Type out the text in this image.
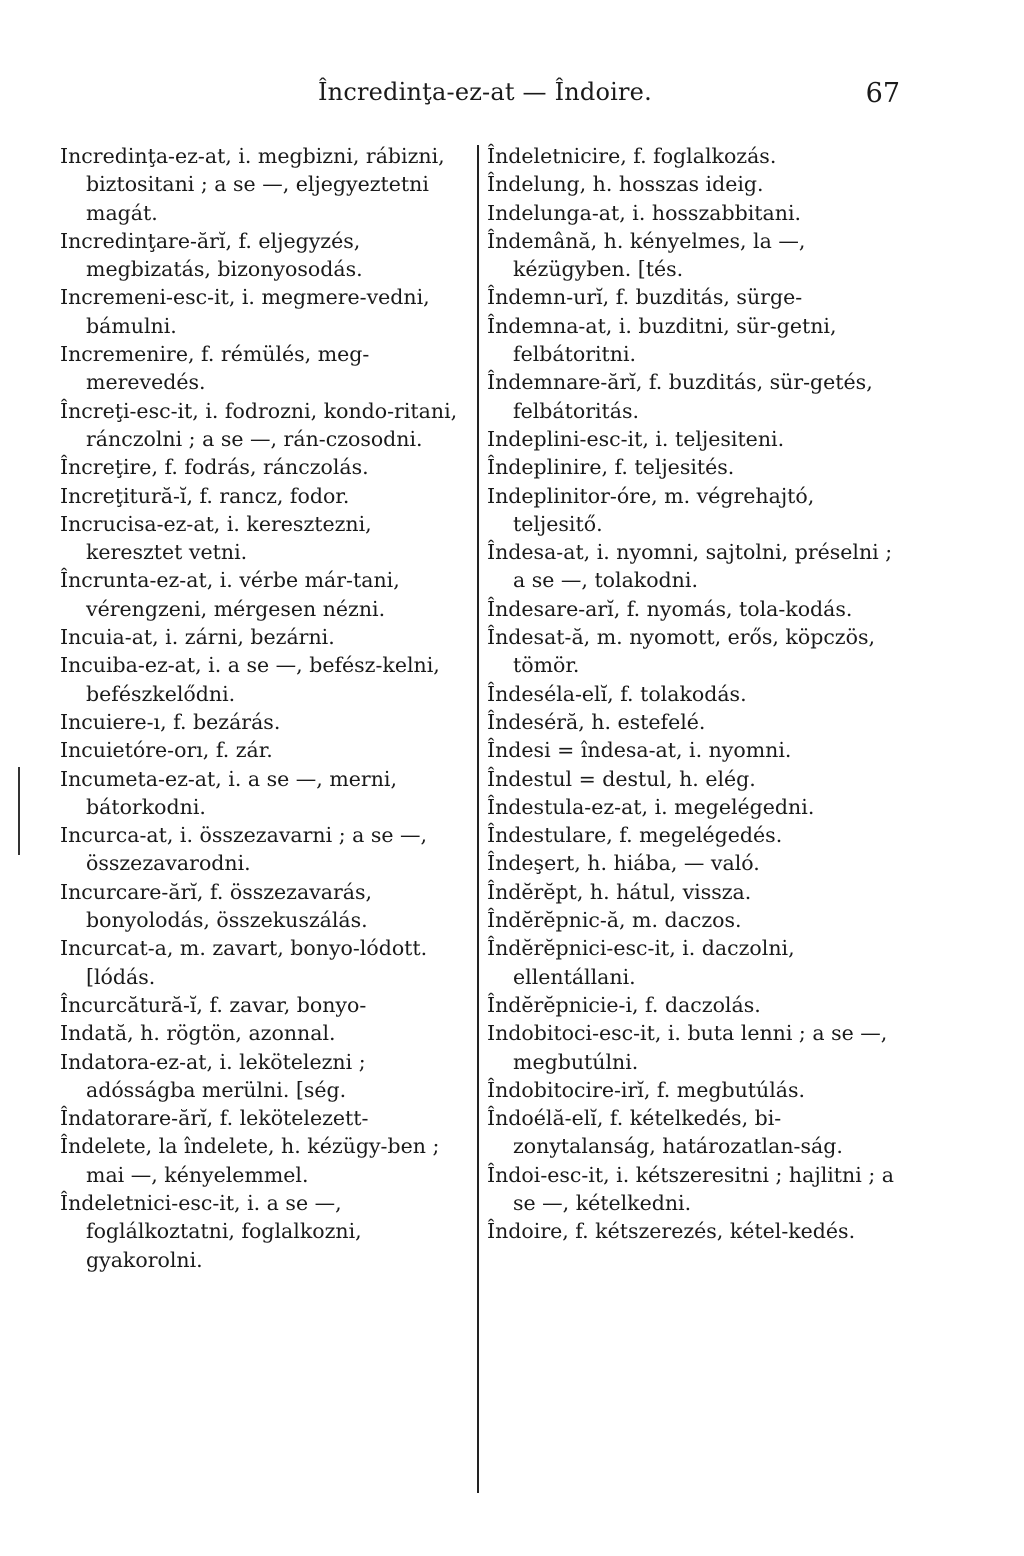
Încredinţa-ez-at — Îndoire.	67
Incredinţa-ez-at, i. megbizni, rábizni, biztositani ; a se —, eljegyeztetni magát.
Incredinţare-ărĭ, f. eljegyzés, megbizatás, bizonyosodás.
Incremeni-esc-it, i. megmere-vedni, bámulni.
Incremenire, f. rémülés, meg-merevedés.
Încreţi-esc-it, i. fodrozni, kondo-ritani, ránczolni ; a se —, rán-czosodni.
Încreţire, f. fodrás, ránczolás.
Increţitură-ĭ, f. rancz, fodor.
Incrucisa-ez-at, i. keresztezni, keresztet vetni.
Încrunta-ez-at, i. vérbe már-tani, vérengzeni, mérgesen nézni.
Incuia-at, i. zárni, bezárni.
Incuiba-ez-at, i. a se —, befész-kelni, befészkelődni.
Incuiere-ı, f. bezárás.
Incuietóre-orı, f. zár.
Incumeta-ez-at, i. a se —, merni, bátorkodni.
Incurca-at, i. összezavarni ; a se —, összezavarodni.
Incurcare-ărĭ, f. összezavarás, bonyolodás, összekuszálás.
Incurcat-a, m. zavart, bonyo-lódott. [lódás.
Încurcătură-ĭ, f. zavar, bonyo-
Indată, h. rögtön, azonnal.
Indatora-ez-at, i. lekötelezni ; adósságba merülni. [ség.
Îndatorare-ărĭ, f. lekötelezett-
Îndelete, la îndelete, h. kézügy-ben ; mai —, kényelemmel.
Îndeletnici-esc-it, i. a se —, foglálkoztatni, foglalkozni, gyakorolni.
Îndeletnicire, f. foglalkozás.
Îndelung, h. hosszas ideig.
Indelunga-at, i. hosszabbitani.
Îndemână, h. kényelmes, la —, kézügyben. [tés.
Îndemn-urĭ, f. buzditás, sürge-
Îndemna-at, i. buzditni, sür-getni, felbátoritni.
Îndemnare-ărĭ, f. buzditás, sür-getés, felbátoritás.
Indeplini-esc-it, i. teljesiteni.
Îndeplinire, f. teljesités.
Indeplinitor-óre, m. végrehajtó, teljesitő.
Îndesa-at, i. nyomni, sajtolni, préselni ; a se —, tolakodni.
Îndesare-arĭ, f. nyomás, tola-kodás.
Îndesat-ă, m. nyomott, erős, köpczös, tömör.
Îndeséla-elĭ, f. tolakodás.
Îndeséră, h. estefelé.
Îndesi = îndesa-at, i. nyomni.
Îndestul = destul, h. elég.
Îndestula-ez-at, i. megelégedni.
Îndestulare, f. megelégedés.
Îndeşert, h. hiába, — való.
Îndĕrĕpt, h. hátul, vissza.
Îndĕrĕpnic-ă, m. daczos.
Îndĕrĕpnici-esc-it, i. daczolni, ellentállani.
Îndĕrĕpnicie-i, f. daczolás.
Indobitoci-esc-it, i. buta lenni ; a se —, megbutúlni.
Îndobitocire-irĭ, f. megbutúlás.
Îndoélă-elĭ, f. kételkedés, bi-zonytalanság, határozatlan-ság.
Îndoi-esc-it, i. kétszeresitni ; hajlitni ; a se —, kételkedni.
Îndoire, f. kétszerezés, kétel-kedés.
